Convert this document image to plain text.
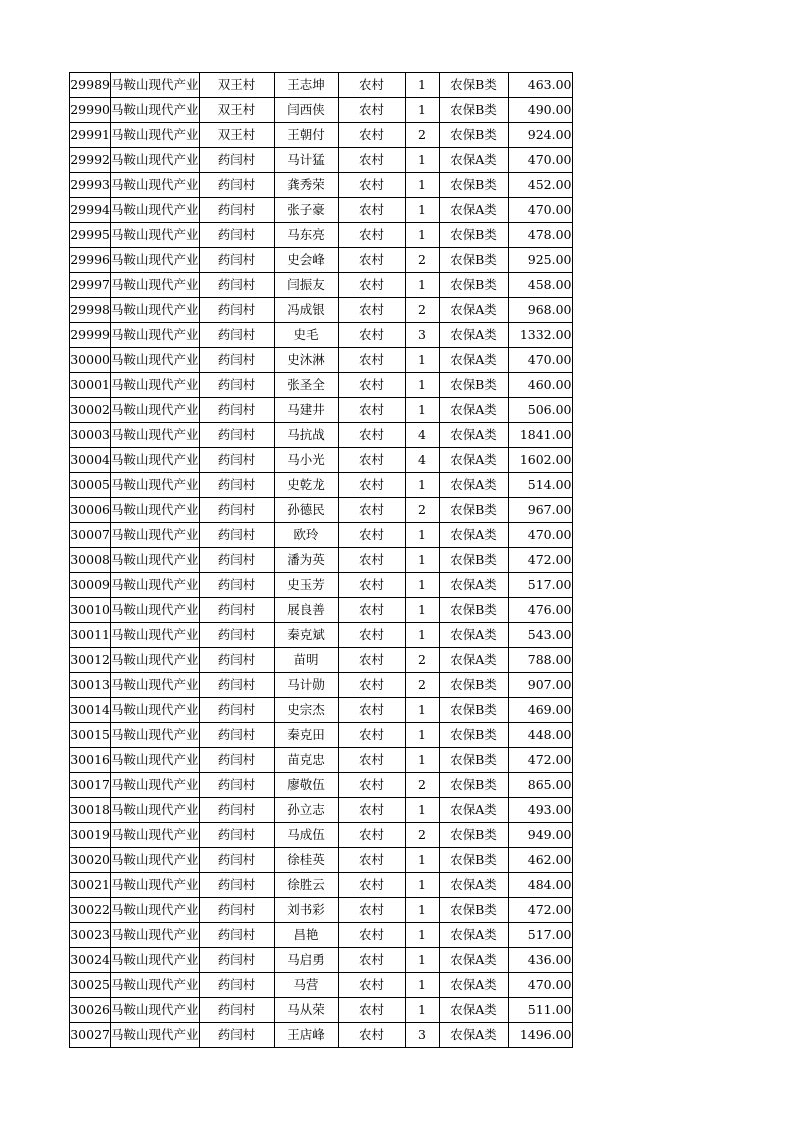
29989	马鞍山现代产业	双王村	王志坤	农村	1	农保B类	463.00
29990	马鞍山现代产业	双王村	闫西侠	农村	1	农保B类	490.00
29991	马鞍山现代产业	双王村	王朝付	农村	2	农保B类	924.00
29992	马鞍山现代产业	药闫村	马计猛	农村	1	农保A类	470.00
29993	马鞍山现代产业	药闫村	龚秀荣	农村	1	农保B类	452.00
29994	马鞍山现代产业	药闫村	张子豪	农村	1	农保A类	470.00
29995	马鞍山现代产业	药闫村	马东亮	农村	1	农保B类	478.00
29996	马鞍山现代产业	药闫村	史会峰	农村	2	农保B类	925.00
29997	马鞍山现代产业	药闫村	闫振友	农村	1	农保B类	458.00
29998	马鞍山现代产业	药闫村	冯成银	农村	2	农保A类	968.00
29999	马鞍山现代产业	药闫村	史毛	农村	3	农保A类	1332.00
30000	马鞍山现代产业	药闫村	史沐淋	农村	1	农保A类	470.00
30001	马鞍山现代产业	药闫村	张圣全	农村	1	农保B类	460.00
30002	马鞍山现代产业	药闫村	马建井	农村	1	农保A类	506.00
30003	马鞍山现代产业	药闫村	马抗战	农村	4	农保A类	1841.00
30004	马鞍山现代产业	药闫村	马小光	农村	4	农保A类	1602.00
30005	马鞍山现代产业	药闫村	史乾龙	农村	1	农保A类	514.00
30006	马鞍山现代产业	药闫村	孙德民	农村	2	农保B类	967.00
30007	马鞍山现代产业	药闫村	欧玲	农村	1	农保A类	470.00
30008	马鞍山现代产业	药闫村	潘为英	农村	1	农保B类	472.00
30009	马鞍山现代产业	药闫村	史玉芳	农村	1	农保A类	517.00
30010	马鞍山现代产业	药闫村	展良善	农村	1	农保B类	476.00
30011	马鞍山现代产业	药闫村	秦克斌	农村	1	农保A类	543.00
30012	马鞍山现代产业	药闫村	苗明	农村	2	农保A类	788.00
30013	马鞍山现代产业	药闫村	马计勋	农村	2	农保B类	907.00
30014	马鞍山现代产业	药闫村	史宗杰	农村	1	农保B类	469.00
30015	马鞍山现代产业	药闫村	秦克田	农村	1	农保B类	448.00
30016	马鞍山现代产业	药闫村	苗克忠	农村	1	农保B类	472.00
30017	马鞍山现代产业	药闫村	廖敬伍	农村	2	农保B类	865.00
30018	马鞍山现代产业	药闫村	孙立志	农村	1	农保A类	493.00
30019	马鞍山现代产业	药闫村	马成伍	农村	2	农保B类	949.00
30020	马鞍山现代产业	药闫村	徐桂英	农村	1	农保B类	462.00
30021	马鞍山现代产业	药闫村	徐胜云	农村	1	农保A类	484.00
30022	马鞍山现代产业	药闫村	刘书彩	农村	1	农保B类	472.00
30023	马鞍山现代产业	药闫村	昌艳	农村	1	农保A类	517.00
30024	马鞍山现代产业	药闫村	马启勇	农村	1	农保A类	436.00
30025	马鞍山现代产业	药闫村	马营	农村	1	农保A类	470.00
30026	马鞍山现代产业	药闫村	马从荣	农村	1	农保A类	511.00
30027	马鞍山现代产业	药闫村	王店峰	农村	3	农保A类	1496.00
